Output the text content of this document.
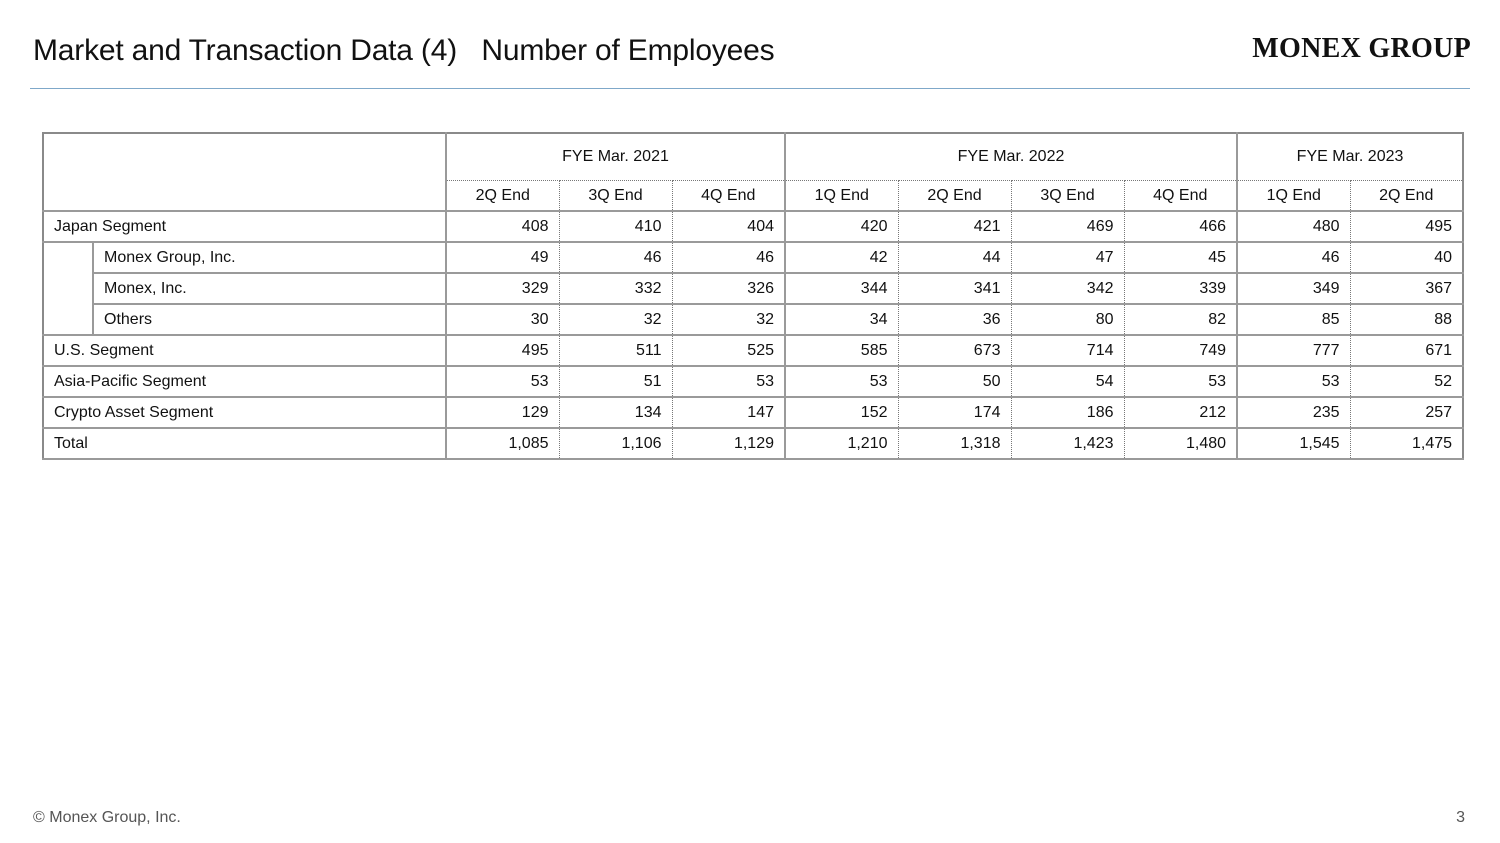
Market and Transaction Data (4)   Number of Employees	MONEX GROUP
		FYE Mar. 2021			FYE Mar. 2022				FYE Mar. 2023	
		2Q End	3Q End	4Q End	1Q End	2Q End	3Q End	4Q End	1Q End	2Q End
Japan Segment		408	410	404	420	421	469	466	480	495
	Monex Group, Inc.	49	46	46	42	44	47	45	46	40
	Monex, Inc.	329	332	326	344	341	342	339	349	367
	Others	30	32	32	34	36	80	82	85	88
U.S. Segment		495	511	525	585	673	714	749	777	671
Asia-Pacific Segment		53	51	53	53	50	54	53	53	52
Crypto Asset Segment		129	134	147	152	174	186	212	235	257
Total		1,085	1,106	1,129	1,210	1,318	1,423	1,480	1,545	1,475
© Monex Group, Inc.	3
